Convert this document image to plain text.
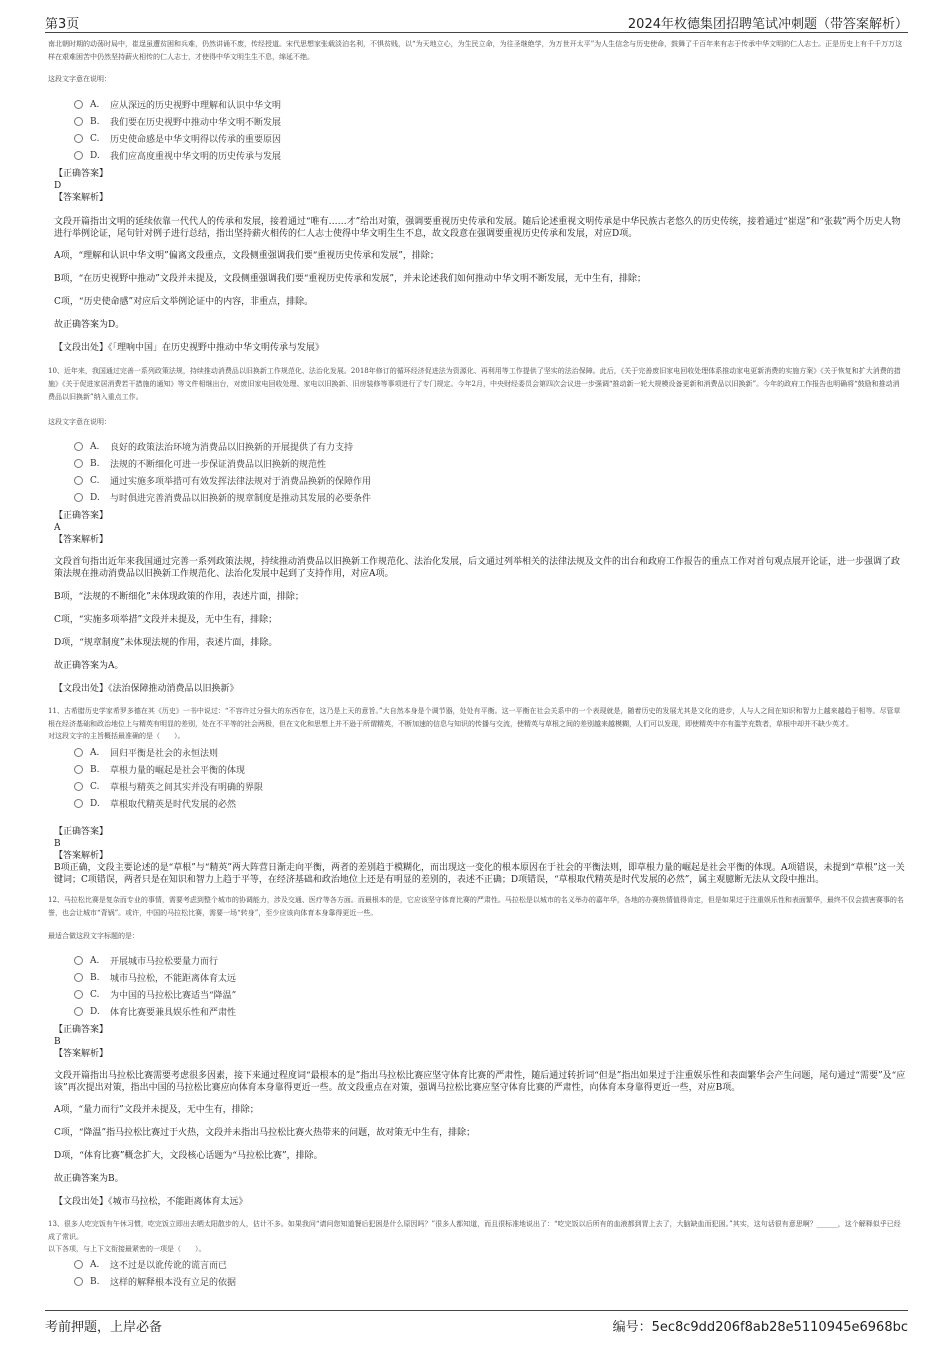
第3页	2024年枚德集团招聘笔试冲刺题（带答案解析）

南北朝时期的动荡时局中，崔逞虽遭贫困和兵难，仍然讲诵不废，传经授道。宋代思想家张载淡泊名利，不惧贫贱，以“为天地立心，为生民立命，为往圣继绝学，为万世开太平”为人生信念与历史使命，鼓舞了千百年来有志于传承中华文明的仁人志士。正是历史上有千千万万这样在艰难困苦中仍然坚持薪火相传的仁人志士，才使得中华文明生生不息，绵延不绝。

这段文字意在说明：

A.	应从深远的历史视野中理解和认识中华文明
B.	我们要在历史视野中推动中华文明不断发展
C.	历史使命感是中华文明得以传承的重要原因
D.	我们应高度重视中华文明的历史传承与发展

【正确答案】

D

【答案解析】

文段开篇指出文明的延续依靠一代代人的传承和发展，接着通过“唯有……才”给出对策，强调要重视历史传承和发展。随后论述重视文明传承是中华民族古老悠久的历史传统，接着通过“崔逞”和“张载”两个历史人物进行举例论证，尾句针对例子进行总结，指出坚持薪火相传的仁人志士使得中华文明生生不息，故文段意在强调要重视历史传承和发展，对应D项。

A项，“理解和认识中华文明”偏离文段重点，文段侧重强调我们要“重视历史传承和发展”，排除；

B项，“在历史视野中推动”文段并未提及，文段侧重强调我们要“重视历史传承和发展”，并未论述我们如何推动中华文明不断发展，无中生有，排除；

C项，“历史使命感”对应后文举例论证中的内容，非重点，排除。

故正确答案为D。

【文段出处】《「理响中国」在历史视野中推动中华文明传承与发展》

10、近年来，我国通过完善一系列政策法规，持续推动消费品以旧换新工作规范化、法治化发展。2018年修订的循环经济促进法为资源化、再利用等工作提供了坚实的法治保障。此后，《关于完善废旧家电回收处理体系推动家电更新消费的实施方案》《关于恢复和扩大消费的措施》《关于促进家居消费若干措施的通知》等文件相继出台，对废旧家电回收处理、家电以旧换新、旧房装修等事项进行了专门规定。今年2月，中央财经委员会第四次会议进一步强调“推动新一轮大规模设备更新和消费品以旧换新”。今年的政府工作报告也明确将“鼓励和推动消费品以旧换新”纳入重点工作。

这段文字意在说明：

A.	良好的政策法治环境为消费品以旧换新的开展提供了有力支持
B.	法规的不断细化可进一步保证消费品以旧换新的规范性
C.	通过实施多项举措可有效发挥法律法规对于消费品换新的保障作用
D.	与时俱进完善消费品以旧换新的规章制度是推动其发展的必要条件

【正确答案】

A

【答案解析】

文段首句指出近年来我国通过完善一系列政策法规，持续推动消费品以旧换新工作规范化、法治化发展，后文通过列举相关的法律法规及文件的出台和政府工作报告的重点工作对首句观点展开论证，进一步强调了政策法规在推动消费品以旧换新工作规范化、法治化发展中起到了支持作用，对应A项。

B项，“法规的不断细化”未体现政策的作用，表述片面，排除；

C项，“实施多项举措”文段并未提及，无中生有，排除；

D项，“规章制度”未体现法规的作用，表述片面，排除。

故正确答案为A。

【文段出处】《法治保障推动消费品以旧换新》

11、古希腊历史学家希罗多德在其《历史》一书中说过：“不容许过分强大的东西存在，这乃是上天的意旨。”大自然本身是个调节器，处处有平衡。这一平衡在社会关系中的一个表现就是，随着历史的发展尤其是文化的进步，人与人之间在知识和智力上越来越趋于相等。尽管草根在经济基础和政治地位上与精英有明显的差别，处在不平等的社会两极，但在文化和思想上并不逊于所谓精英，不断加速的信息与知识的传播与交流，使精英与草根之间的差别越来越模糊，人们可以发现，即使精英中亦有滥竽充数者，草根中却并不缺少英才。

对这段文字的主旨概括最准确的是（　　）。

A.	回归平衡是社会的永恒法则
B.	草根力量的崛起是社会平衡的体现
C.	草根与精英之间其实并没有明确的界限
D.	草根取代精英是时代发展的必然

【正确答案】

B

【答案解析】

B项正确，文段主要论述的是“草根”与“精英”两大阵营日渐走向平衡，两者的差别趋于模糊化，而出现这一变化的根本原因在于社会的平衡法则，即草根力量的崛起是社会平衡的体现。A项错误，未提到“草根”这一关键词；C项错误，两者只是在知识和智力上趋于平等，在经济基础和政治地位上还是有明显的差别的，表述不正确；D项错误，“草根取代精英是时代发展的必然”，属主观臆断无法从文段中推出。

12、马拉松比赛是复杂而专业的事情，需要考虑到整个城市的协调能力，涉及交通、医疗等各方面。而最根本的是，它应该坚守体育比赛的严肃性。马拉松是以城市的名义举办的嘉年华，各地的办赛热情值得肯定，但是如果过于注重娱乐性和表面繁华，最终不仅会损害赛事的名誉，也会让城市“背锅”。或许，中国的马拉松比赛，需要一场“转身”，至少应该向体育本身靠得更近一些。

最适合做这段文字标题的是：

A.	开展城市马拉松要量力而行
B.	城市马拉松，不能距离体育太远
C.	为中国的马拉松比赛适当“降温”
D.	体育比赛要兼具娱乐性和严肃性

【正确答案】

B

【答案解析】

文段开篇指出马拉松比赛需要考虑很多因素，接下来通过程度词“最根本的是”指出马拉松比赛应坚守体育比赛的严肃性，随后通过转折词“但是”指出如果过于注重娱乐性和表面繁华会产生问题，尾句通过“需要”及“应该”再次提出对策，指出中国的马拉松比赛应向体育本身靠得更近一些。故文段重点在对策，强调马拉松比赛应坚守体育比赛的严肃性，向体育本身靠得更近一些，对应B项。

A项，“量力而行”文段并未提及，无中生有，排除；

C项，“降温”指马拉松比赛过于火热，文段并未指出马拉松比赛火热带来的问题，故对策无中生有，排除；

D项，“体育比赛”概念扩大，文段核心话题为“马拉松比赛”，排除。

故正确答案为B。

【文段出处】《城市马拉松，不能距离体育太远》

13、很多人吃完饭有午休习惯，吃完饭立即出去晒太阳散步的人，估计不多。如果我问“请问您知道餐后犯困是什么原因吗？”很多人都知道，而且很标准地说出了：“吃完饭以后所有的血液都到胃上去了，大脑缺血而犯困。”其实，这句话很有意思啊？______，这个解释似乎已经成了常识。

以下各项，与上下文衔接最紧密的一项是（　　）。

A.	这不过是以讹传讹的谎言而已
B.	这样的解释根本没有立足的依据
考前押题，上岸必备	编号：5ec8c9dd206f8ab28e5110945e6968bc
